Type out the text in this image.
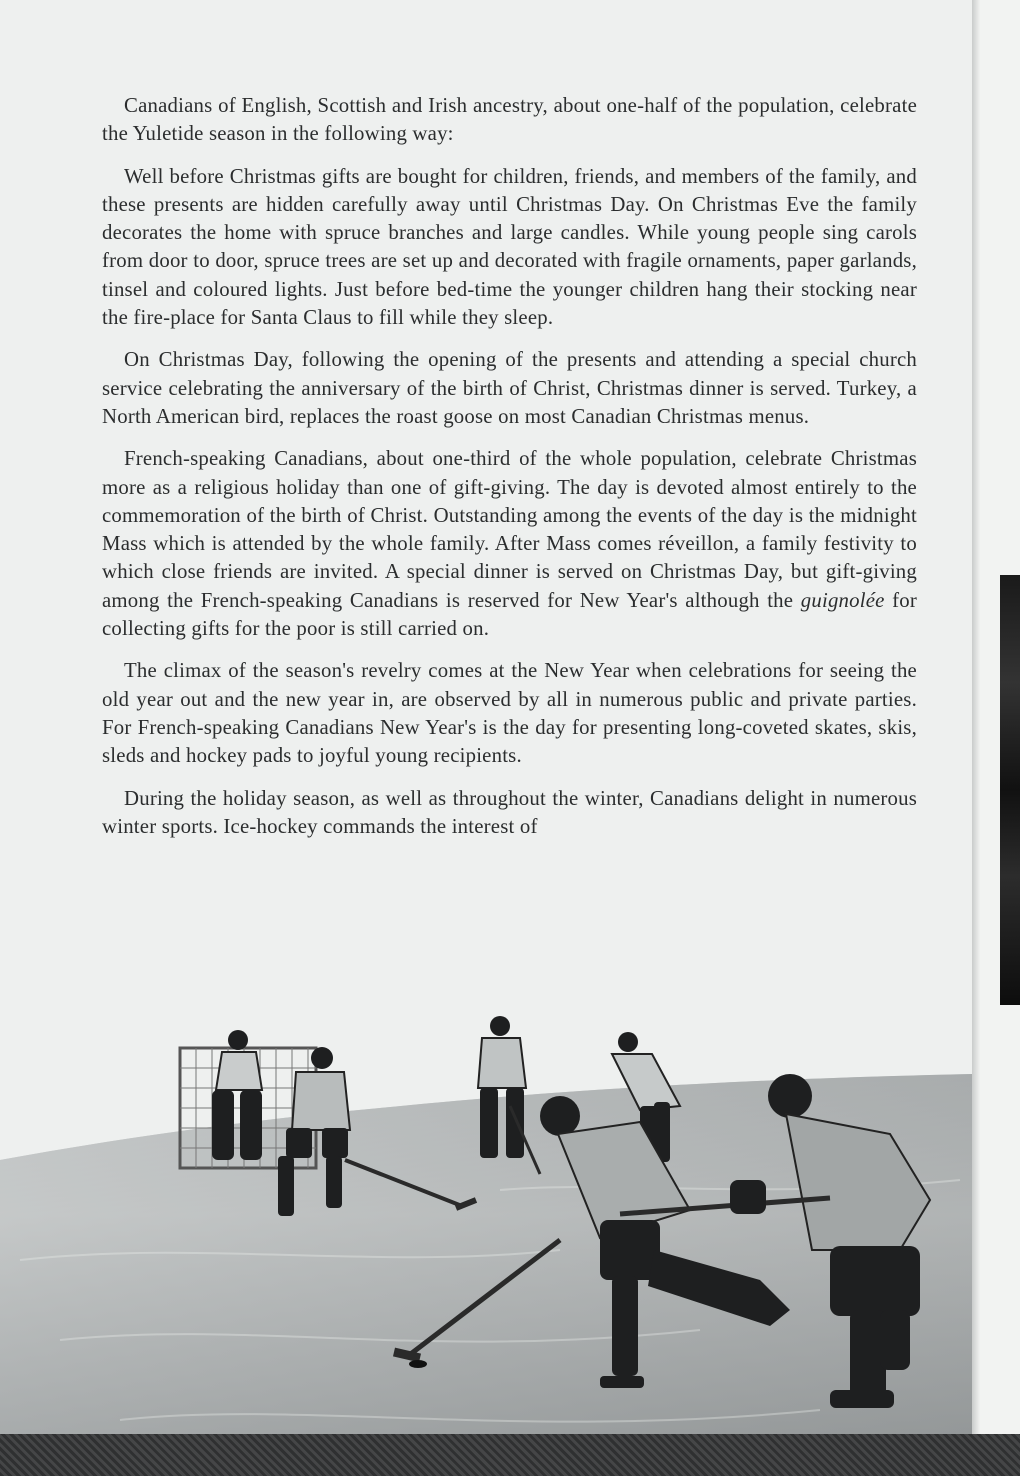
Canadians of English, Scottish and Irish ancestry, about one-half of the population, celebrate the Yuletide season in the following way:

Well before Christmas gifts are bought for children, friends, and members of the family, and these presents are hidden carefully away until Christmas Day. On Christmas Eve the family decorates the home with spruce branches and large candles. While young people sing carols from door to door, spruce trees are set up and decorated with fragile ornaments, paper garlands, tinsel and coloured lights. Just before bed-time the younger children hang their stocking near the fire-place for Santa Claus to fill while they sleep.

On Christmas Day, following the opening of the presents and attending a special church service celebrating the anniversary of the birth of Christ, Christmas dinner is served. Turkey, a North American bird, replaces the roast goose on most Canadian Christmas menus.

French-speaking Canadians, about one-third of the whole population, celebrate Christmas more as a religious holiday than one of gift-giving. The day is devoted almost entirely to the commemoration of the birth of Christ. Outstanding among the events of the day is the midnight Mass which is attended by the whole family. After Mass comes réveillon, a family festivity to which close friends are invited. A special dinner is served on Christmas Day, but gift-giving among the French-speaking Canadians is reserved for New Year's although the guignolée for collecting gifts for the poor is still carried on.

The climax of the season's revelry comes at the New Year when celebrations for seeing the old year out and the new year in, are observed by all in numerous public and private parties. For French-speaking Canadians New Year's is the day for presenting long-coveted skates, skis, sleds and hockey pads to joyful young recipients.

During the holiday season, as well as throughout the winter, Canadians delight in numerous winter sports. Ice-hockey commands the interest of
